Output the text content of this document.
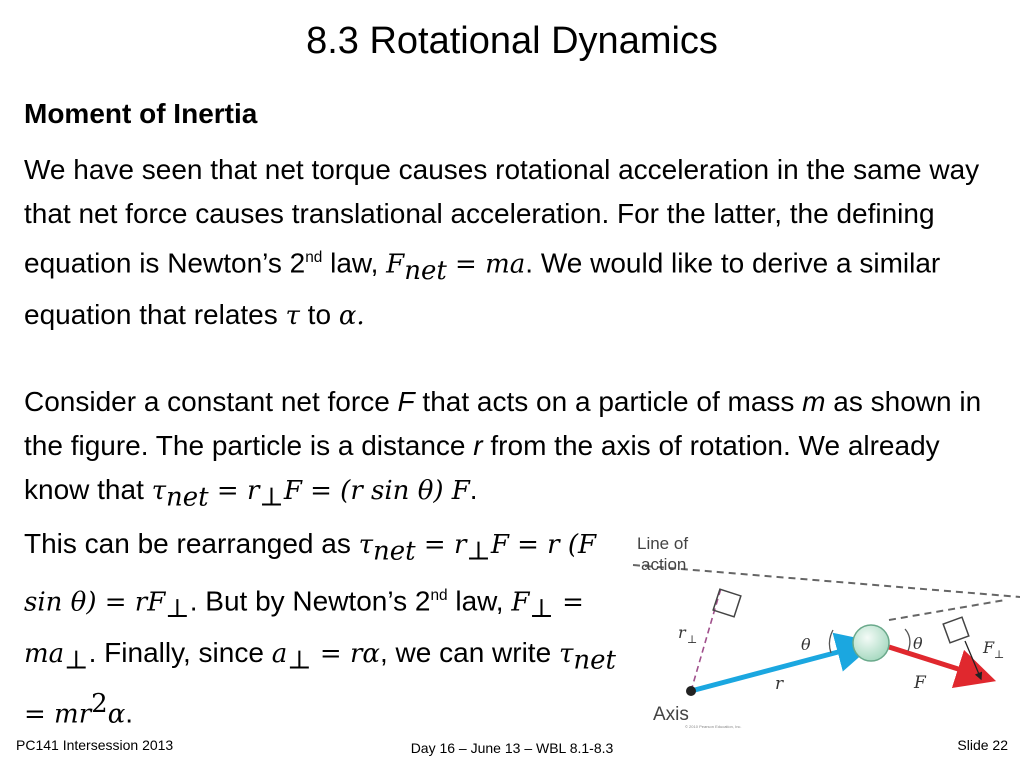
8.3 Rotational Dynamics
Moment of Inertia

We have seen that net torque causes rotational acceleration in the same way that net force causes translational acceleration. For the latter, the defining equation is Newton’s 2nd law, $F_{net}$ = ma. We would like to derive a similar equation that relates τ to α.

Consider a constant net force F that acts on a particle of mass m as shown in the figure. The particle is a distance r from the axis of rotation. We already know that $\tau_{net} = r_\perp F = (r$ sin θ) F.

This can be rearranged as $\tau_{net} = r_\perp F = r$ (F $\sin \theta) = rF_\perp$. But by Newton’s 2nd law, $F_\perp = ma_\perp$. Finally, since $a_\perp = r\alpha$, we can write $\tau_{net} = mr^2\alpha$.

Line of
action
r ⊥	θ	θ
r	F
F ⊥
Axis
© 2010 Pearson Education, Inc.
PC141 Intersession 2013	Day 16 – June 13 – WBL 8.1-8.3	Slide 22
